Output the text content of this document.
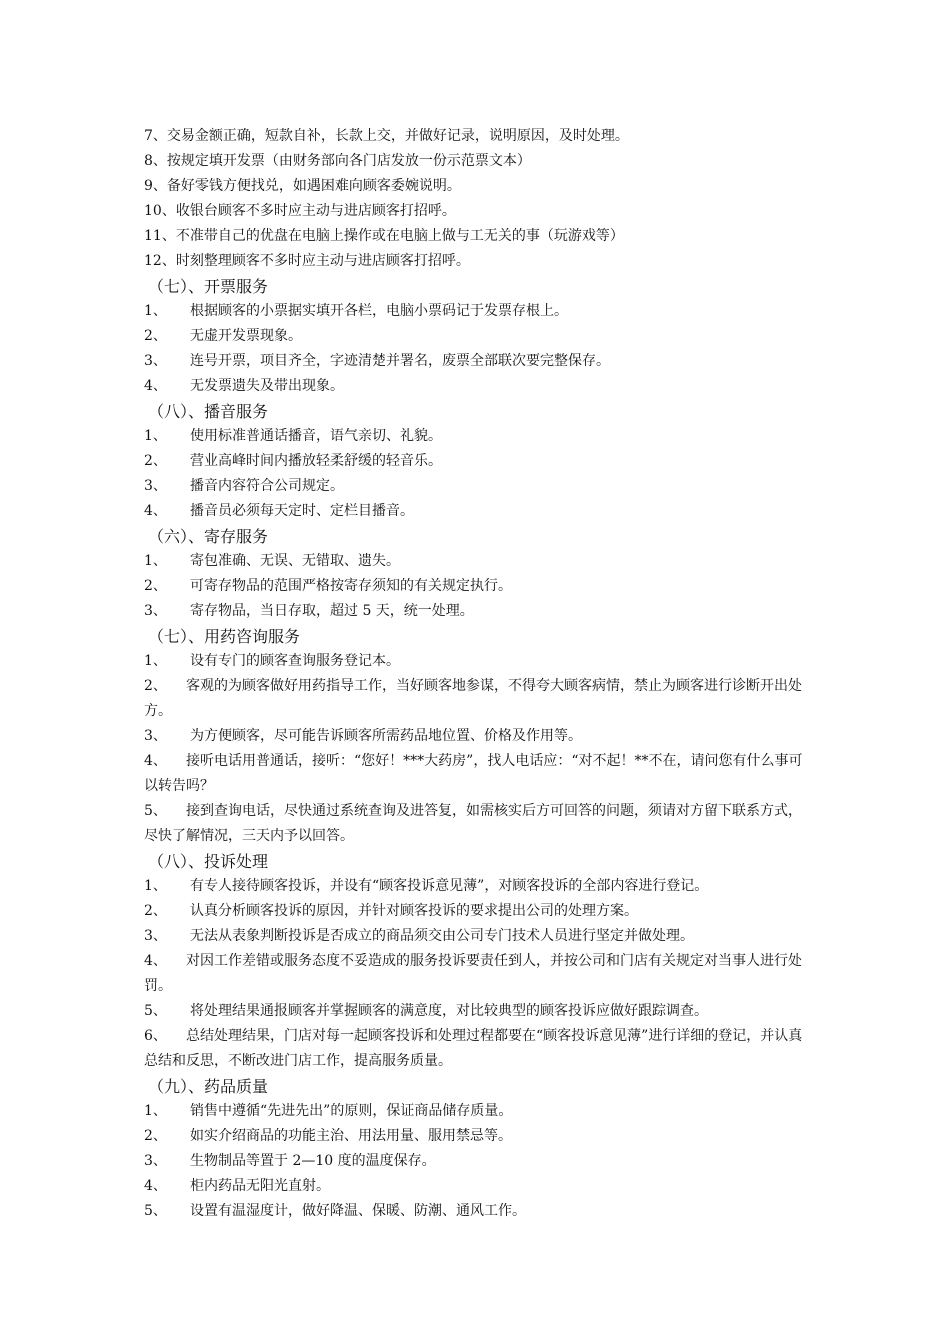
7、交易金额正确，短款自补，长款上交，并做好记录，说明原因，及时处理。
8、按规定填开发票（由财务部向各门店发放一份示范票文本）
9、备好零钱方便找兑，如遇困难向顾客委婉说明。
10、收银台顾客不多时应主动与进店顾客打招呼。
11、不准带自己的优盘在电脑上操作或在电脑上做与工无关的事（玩游戏等）
12、时刻整理顾客不多时应主动与进店顾客打招呼。
（七）、开票服务
1、 根据顾客的小票据实填开各栏，电脑小票码记于发票存根上。
2、 无虚开发票现象。
3、 连号开票，项目齐全，字迹清楚并署名，废票全部联次要完整保存。
4、 无发票遗失及带出现象。
（八）、播音服务
1、 使用标准普通话播音，语气亲切、礼貌。
2、 营业高峰时间内播放轻柔舒缓的轻音乐。
3、 播音内容符合公司规定。
4、 播音员必须每天定时、定栏目播音。
（六）、寄存服务
1、 寄包准确、无误、无错取、遗失。
2、 可寄存物品的范围严格按寄存须知的有关规定执行。
3、 寄存物品，当日存取，超过 5 天，统一处理。
（七）、用药咨询服务
1、 设有专门的顾客查询服务登记本。
2、 客观的为顾客做好用药指导工作，当好顾客地参谋，不得夸大顾客病情，禁止为顾客进行诊断开出处方。
3、 为方便顾客，尽可能告诉顾客所需药品地位置、价格及作用等。
4、 接听电话用普通话，接听：“您好！***大药房”，找人电话应：“对不起！**不在，请问您有什么事可以转告吗？
5、 接到查询电话，尽快通过系统查询及进答复，如需核实后方可回答的问题，须请对方留下联系方式，尽快了解情况，三天内予以回答。
（八）、投诉处理
1、 有专人接待顾客投诉，并设有“顾客投诉意见薄”，对顾客投诉的全部内容进行登记。
2、 认真分析顾客投诉的原因，并针对顾客投诉的要求提出公司的处理方案。
3、 无法从表象判断投诉是否成立的商品须交由公司专门技术人员进行坚定并做处理。
4、 对因工作差错或服务态度不妥造成的服务投诉要责任到人，并按公司和门店有关规定对当事人进行处罚。
5、 将处理结果通报顾客并掌握顾客的满意度，对比较典型的顾客投诉应做好跟踪调查。
6、 总结处理结果，门店对每一起顾客投诉和处理过程都要在“顾客投诉意见薄”进行详细的登记，并认真总结和反思，不断改进门店工作，提高服务质量。
（九）、药品质量
1、 销售中遵循“先进先出”的原则，保证商品储存质量。
2、 如实介绍商品的功能主治、用法用量、服用禁忌等。
3、 生物制品等置于 2—10 度的温度保存。
4、 柜内药品无阳光直射。
5、 设置有温湿度计，做好降温、保暖、防潮、通风工作。
